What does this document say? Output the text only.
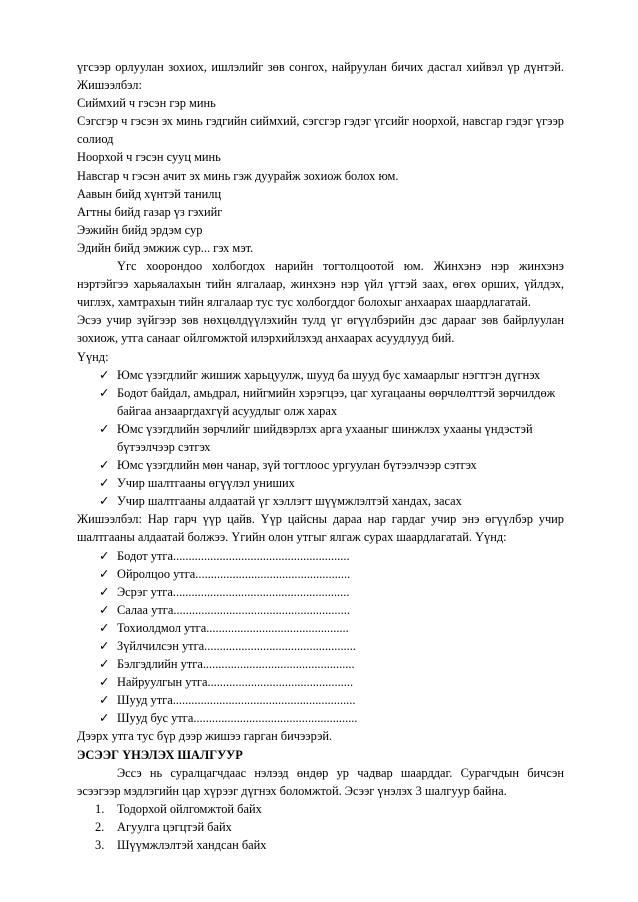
үгсээр орлуулан зохиох, ишлэлийг зөв сонгох, найруулан бичих дасгал хийвэл үр дүнтэй. Жишээлбэл:

Сиймхий ч гэсэн гэр минь

Сэгсгэр ч гэсэн эх минь гэдгийн сиймхий, сэгсгэр гэдэг үгсийг ноорхой, навсгар гэдэг үгээр солиод

Ноорхой ч гэсэн сууц минь

Навсгар ч гэсэн ачит эх минь гэж дуурайж зохиож болох юм.

Аавын бийд хүнтэй танилц

Агтны бийд газар үз гэхийг

Ээжийн бийд эрдэм сур

Эдийн бийд эмжиж сур... гэх мэт.

Үгс хоорондоо холбогдох нарийн тогтолцоотой юм. Жинхэнэ нэр жинхэнэ нэртэйгээ харьяалахын тийн ялгалаар, жинхэнэ нэр үйл үгтэй заах, өгөх орших, үйлдэх, чиглэх, хамтрахын тийн ялгалаар тус тус холбогддог болохыг анхаарах шаардлагатай.

Эсээ учир зүйгээр зөв нөхцөлдүүлэхийн тулд үг өгүүлбэрийн дэс дарааг зөв байрлуулан зохиож, утга санааг ойлгомжтой илэрхийлэхэд анхаарах асуудлууд бий.

Үүнд:

✓ Юмс үзэгдлийг жишиж харьцуулж, шууд ба шууд бус хамаарлыг нэгтгэн дүгнэх
✓ Бодот байдал, амьдрал, нийгмийн хэрэгцээ, цаг хугацааны өөрчлөлттэй зөрчилдөж байгаа анзааргдахгүй асуудлыг олж харах
✓ Юмс үзэгдлийн зөрчлийг шийдвэрлэх арга ухааныг шинжлэх ухааны үндэстэй бүтээлчээр сэтгэх
✓ Юмс үзэгдлийн мөн чанар, зүй тогтлоос ургуулан бүтээлчээр сэтгэх
✓ Учир шалтгааны өгүүлэл униших
✓ Учир шалтгааны алдаатай үг хэллэгт шүүмжлэлтэй хандах, засах

Жишээлбэл: Нар гарч үүр цайв. Үүр цайсны дараа нар гардаг учир энэ өгүүлбэр учир шалтгааны алдаатай болжээ. Үгийн олон утгыг ялгаж сурах шаардлагатай. Үүнд:

✓ Бодот утга.........................................................
✓ Ойролцоо утга..................................................
✓ Эсрэг утга.........................................................
✓ Салаа утга.........................................................
✓ Тохиолдмол утга..............................................
✓ Зүйлчилсэн утга.................................................
✓ Бэлгэдлийн утга.................................................
✓ Найруулгын утга...............................................
✓ Шууд утга...........................................................
✓ Шууд бус утга.....................................................

Дээрх утга тус бүр дээр жишээ гарган бичээрэй.

ЭСЭЭГ ҮНЭЛЭХ ШАЛГУУР

Эссэ нь суралцагчдаас нэлээд өндөр ур чадвар шаарддаг. Сурагчдын бичсэн эсээгээр мэдлэгийн цар хүрээг дүгнэх боломжтой. Эсээг үнэлэх 3 шалгуур байна.

1. Тодорхой ойлгомжтой байх
2. Агуулга цэгцтэй байх
3. Шүүмжлэлтэй хандсан байх
